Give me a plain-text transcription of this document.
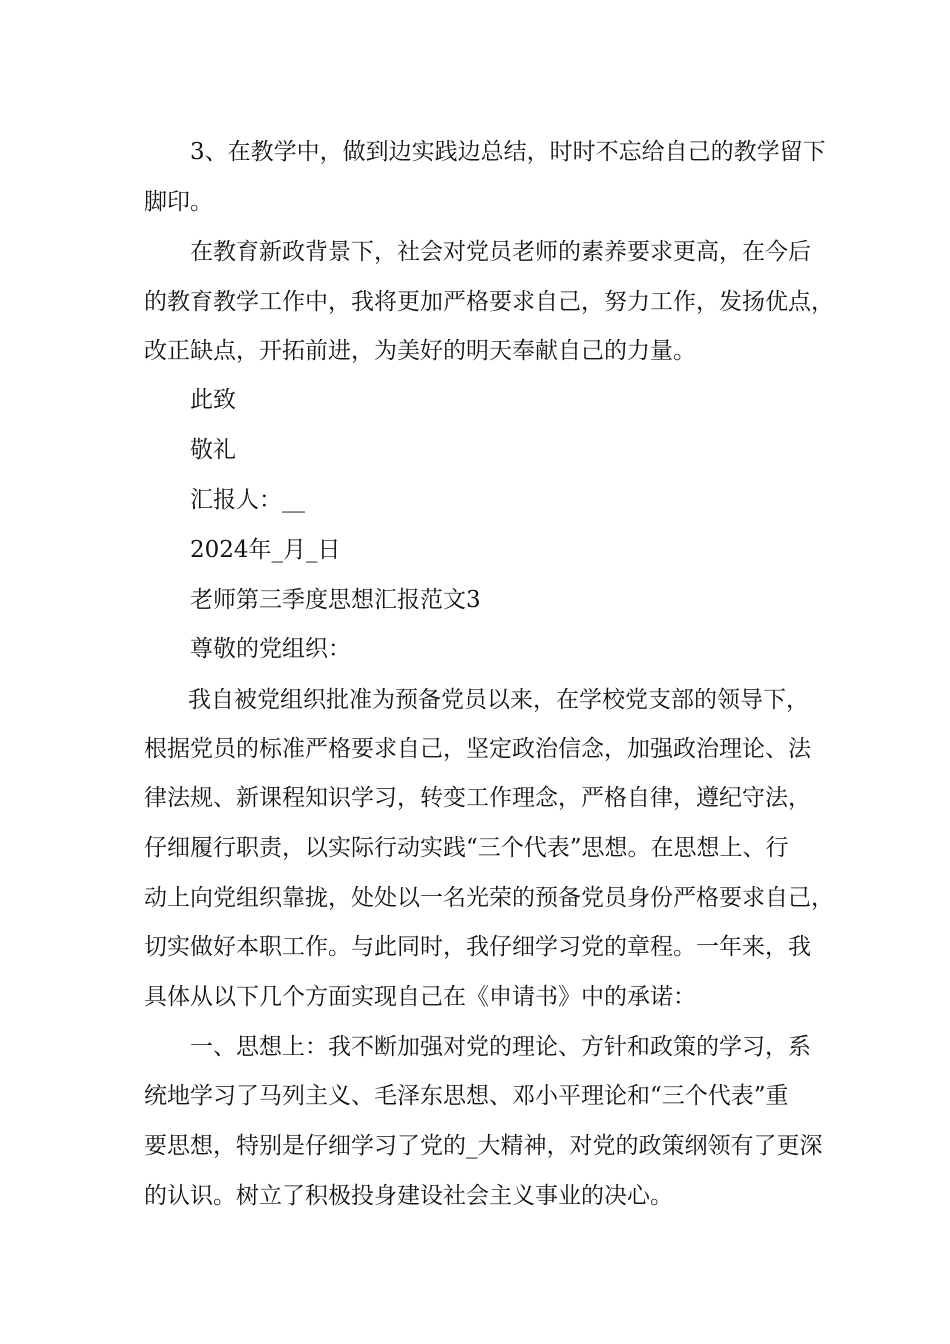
3、在教学中，做到边实践边总结，时时不忘给自己的教学留下

脚印。

在教育新政背景下，社会对党员老师的素养要求更高，在今后

的教育教学工作中，我将更加严格要求自己，努力工作，发扬优点，

改正缺点，开拓前进，为美好的明天奉献自己的力量。

此致

敬礼

汇报人：__

2024年_月_日

老师第三季度思想汇报范文3

尊敬的党组织：

我自被党组织批准为预备党员以来，在学校党支部的领导下，

根据党员的标准严格要求自己，坚定政治信念，加强政治理论、法

律法规、新课程知识学习，转变工作理念，严格自律，遵纪守法，

仔细履行职责，以实际行动实践“三个代表”思想。在思想上、行

动上向党组织靠拢，处处以一名光荣的预备党员身份严格要求自己，

切实做好本职工作。与此同时，我仔细学习党的章程。一年来，我

具体从以下几个方面实现自己在《申请书》中的承诺：

一、思想上：我不断加强对党的理论、方针和政策的学习，系

统地学习了马列主义、毛泽东思想、邓小平理论和“三个代表”重

要思想，特别是仔细学习了党的_大精神，对党的政策纲领有了更深

的认识。树立了积极投身建设社会主义事业的决心。
